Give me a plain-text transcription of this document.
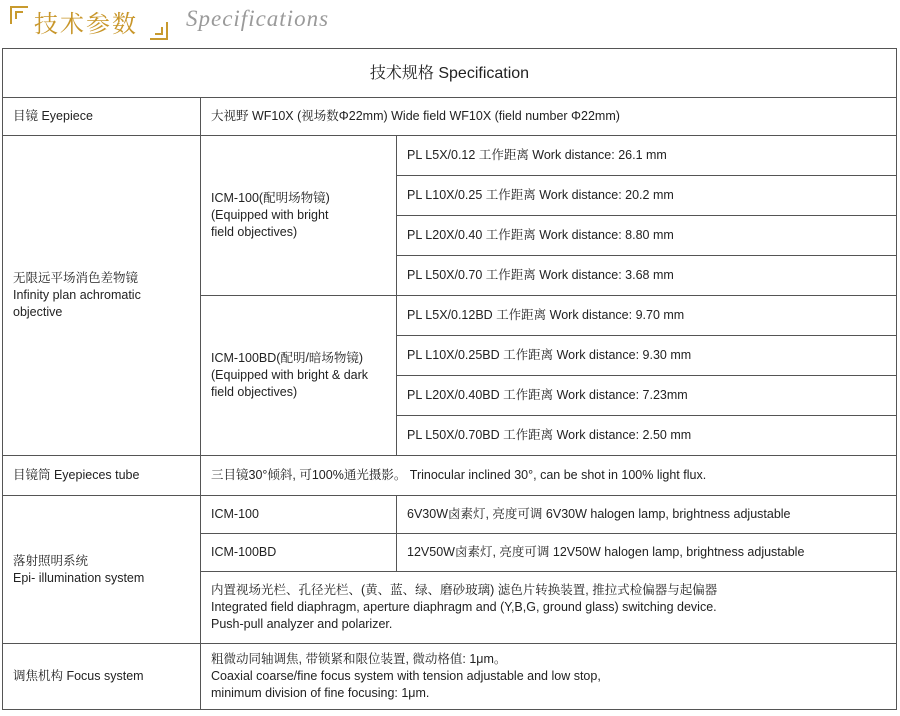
技术参数 Specifications
技术规格 Specification		
目镜 Eyepiece	大视野 WF10X (视场数Φ22mm) Wide field WF10X (field number Φ22mm)	

无限远平场消色差物镜
Infinity plan achromatic
objective	ICM-100(配明场物镜)
(Equipped with bright
field objectives)	PL L5X/0.12 工作距离 Work distance: 26.1 mm
		PL L10X/0.25 工作距离 Work distance: 20.2 mm
		PL L20X/0.40 工作距离 Work distance: 8.80 mm
		PL L50X/0.70 工作距离 Work distance: 3.68 mm

	ICM-100BD(配明/暗场物镜)
(Equipped with bright & dark
field objectives)	PL L5X/0.12BD 工作距离 Work distance: 9.70 mm
		PL L10X/0.25BD 工作距离 Work distance: 9.30 mm
		PL L20X/0.40BD 工作距离 Work distance: 7.23mm
		PL L50X/0.70BD 工作距离 Work distance: 2.50 mm
目镜筒 Eyepieces tube	三目镜30°倾斜, 可100%通光摄影。 Trinocular inclined 30°, can be shot in 100% light flux.	

落射照明系统
Epi- illumination system	ICM-100	6V30W卤素灯, 亮度可调 6V30W halogen lamp, brightness adjustable
	ICM-100BD	12V50W卤素灯, 亮度可调 12V50W halogen lamp, brightness adjustable

	内置视场光栏、孔径光栏、(黄、蓝、绿、磨砂玻璃) 滤色片转换装置, 推拉式检偏器与起偏器
Integrated field diaphragm, aperture diaphragm and (Y,B,G, ground glass) switching device.
Push-pull analyzer and polarizer.	

调焦机构 Focus system	粗微动同轴调焦, 带锁紧和限位装置, 微动格值: 1μm。
Coaxial coarse/fine focus system with tension adjustable and low stop,
minimum division of fine focusing: 1μm.	
